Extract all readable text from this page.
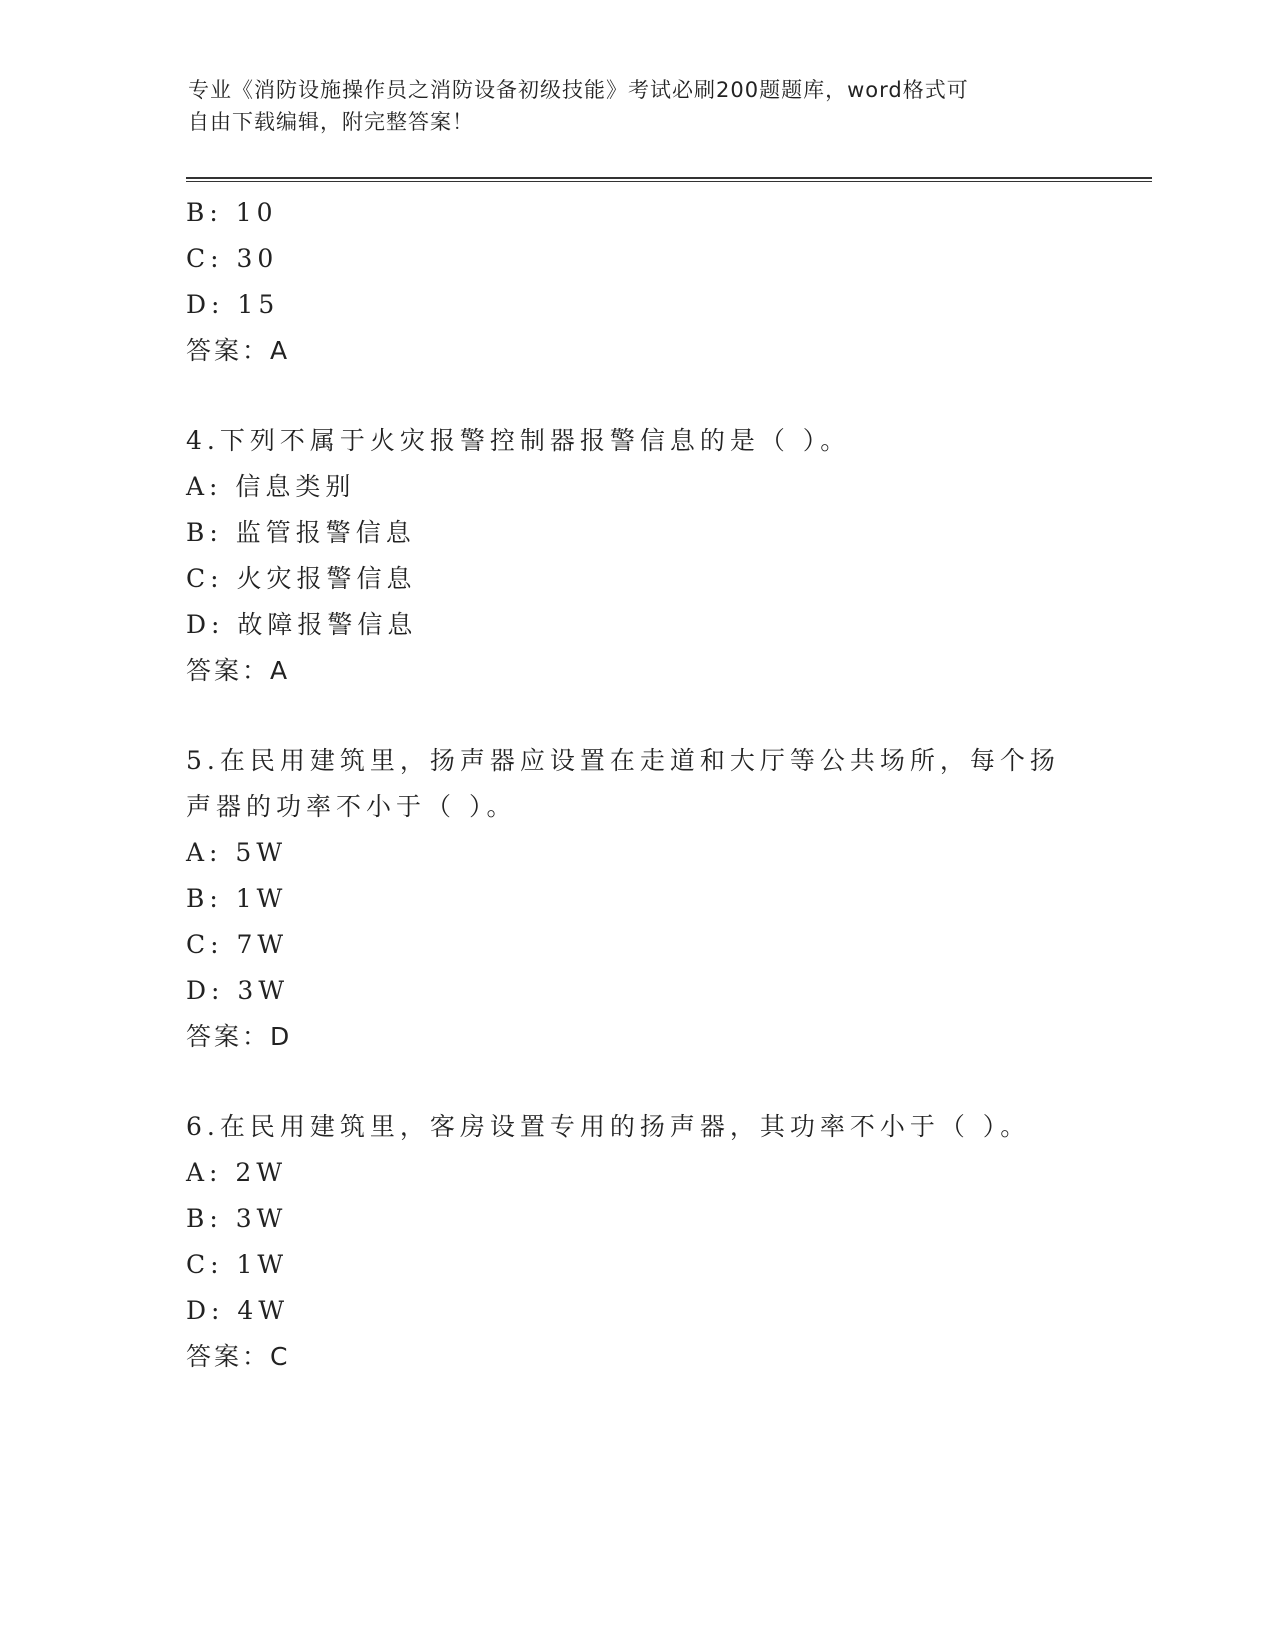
专业《消防设施操作员之消防设备初级技能》考试必刷200题题库，word格式可
自由下载编辑，附完整答案！
B: 10
C: 30
D: 15
答案：A
4.下列不属于火灾报警控制器报警信息的是（ ）。
A: 信息类别
B: 监管报警信息
C: 火灾报警信息
D: 故障报警信息
答案：A
5.在民用建筑里，扬声器应设置在走道和大厅等公共场所，每个扬声器的功率不小于（ ）。
A: 5W
B: 1W
C: 7W
D: 3W
答案：D
6.在民用建筑里，客房设置专用的扬声器，其功率不小于（ ）。
A: 2W
B: 3W
C: 1W
D: 4W
答案：C
